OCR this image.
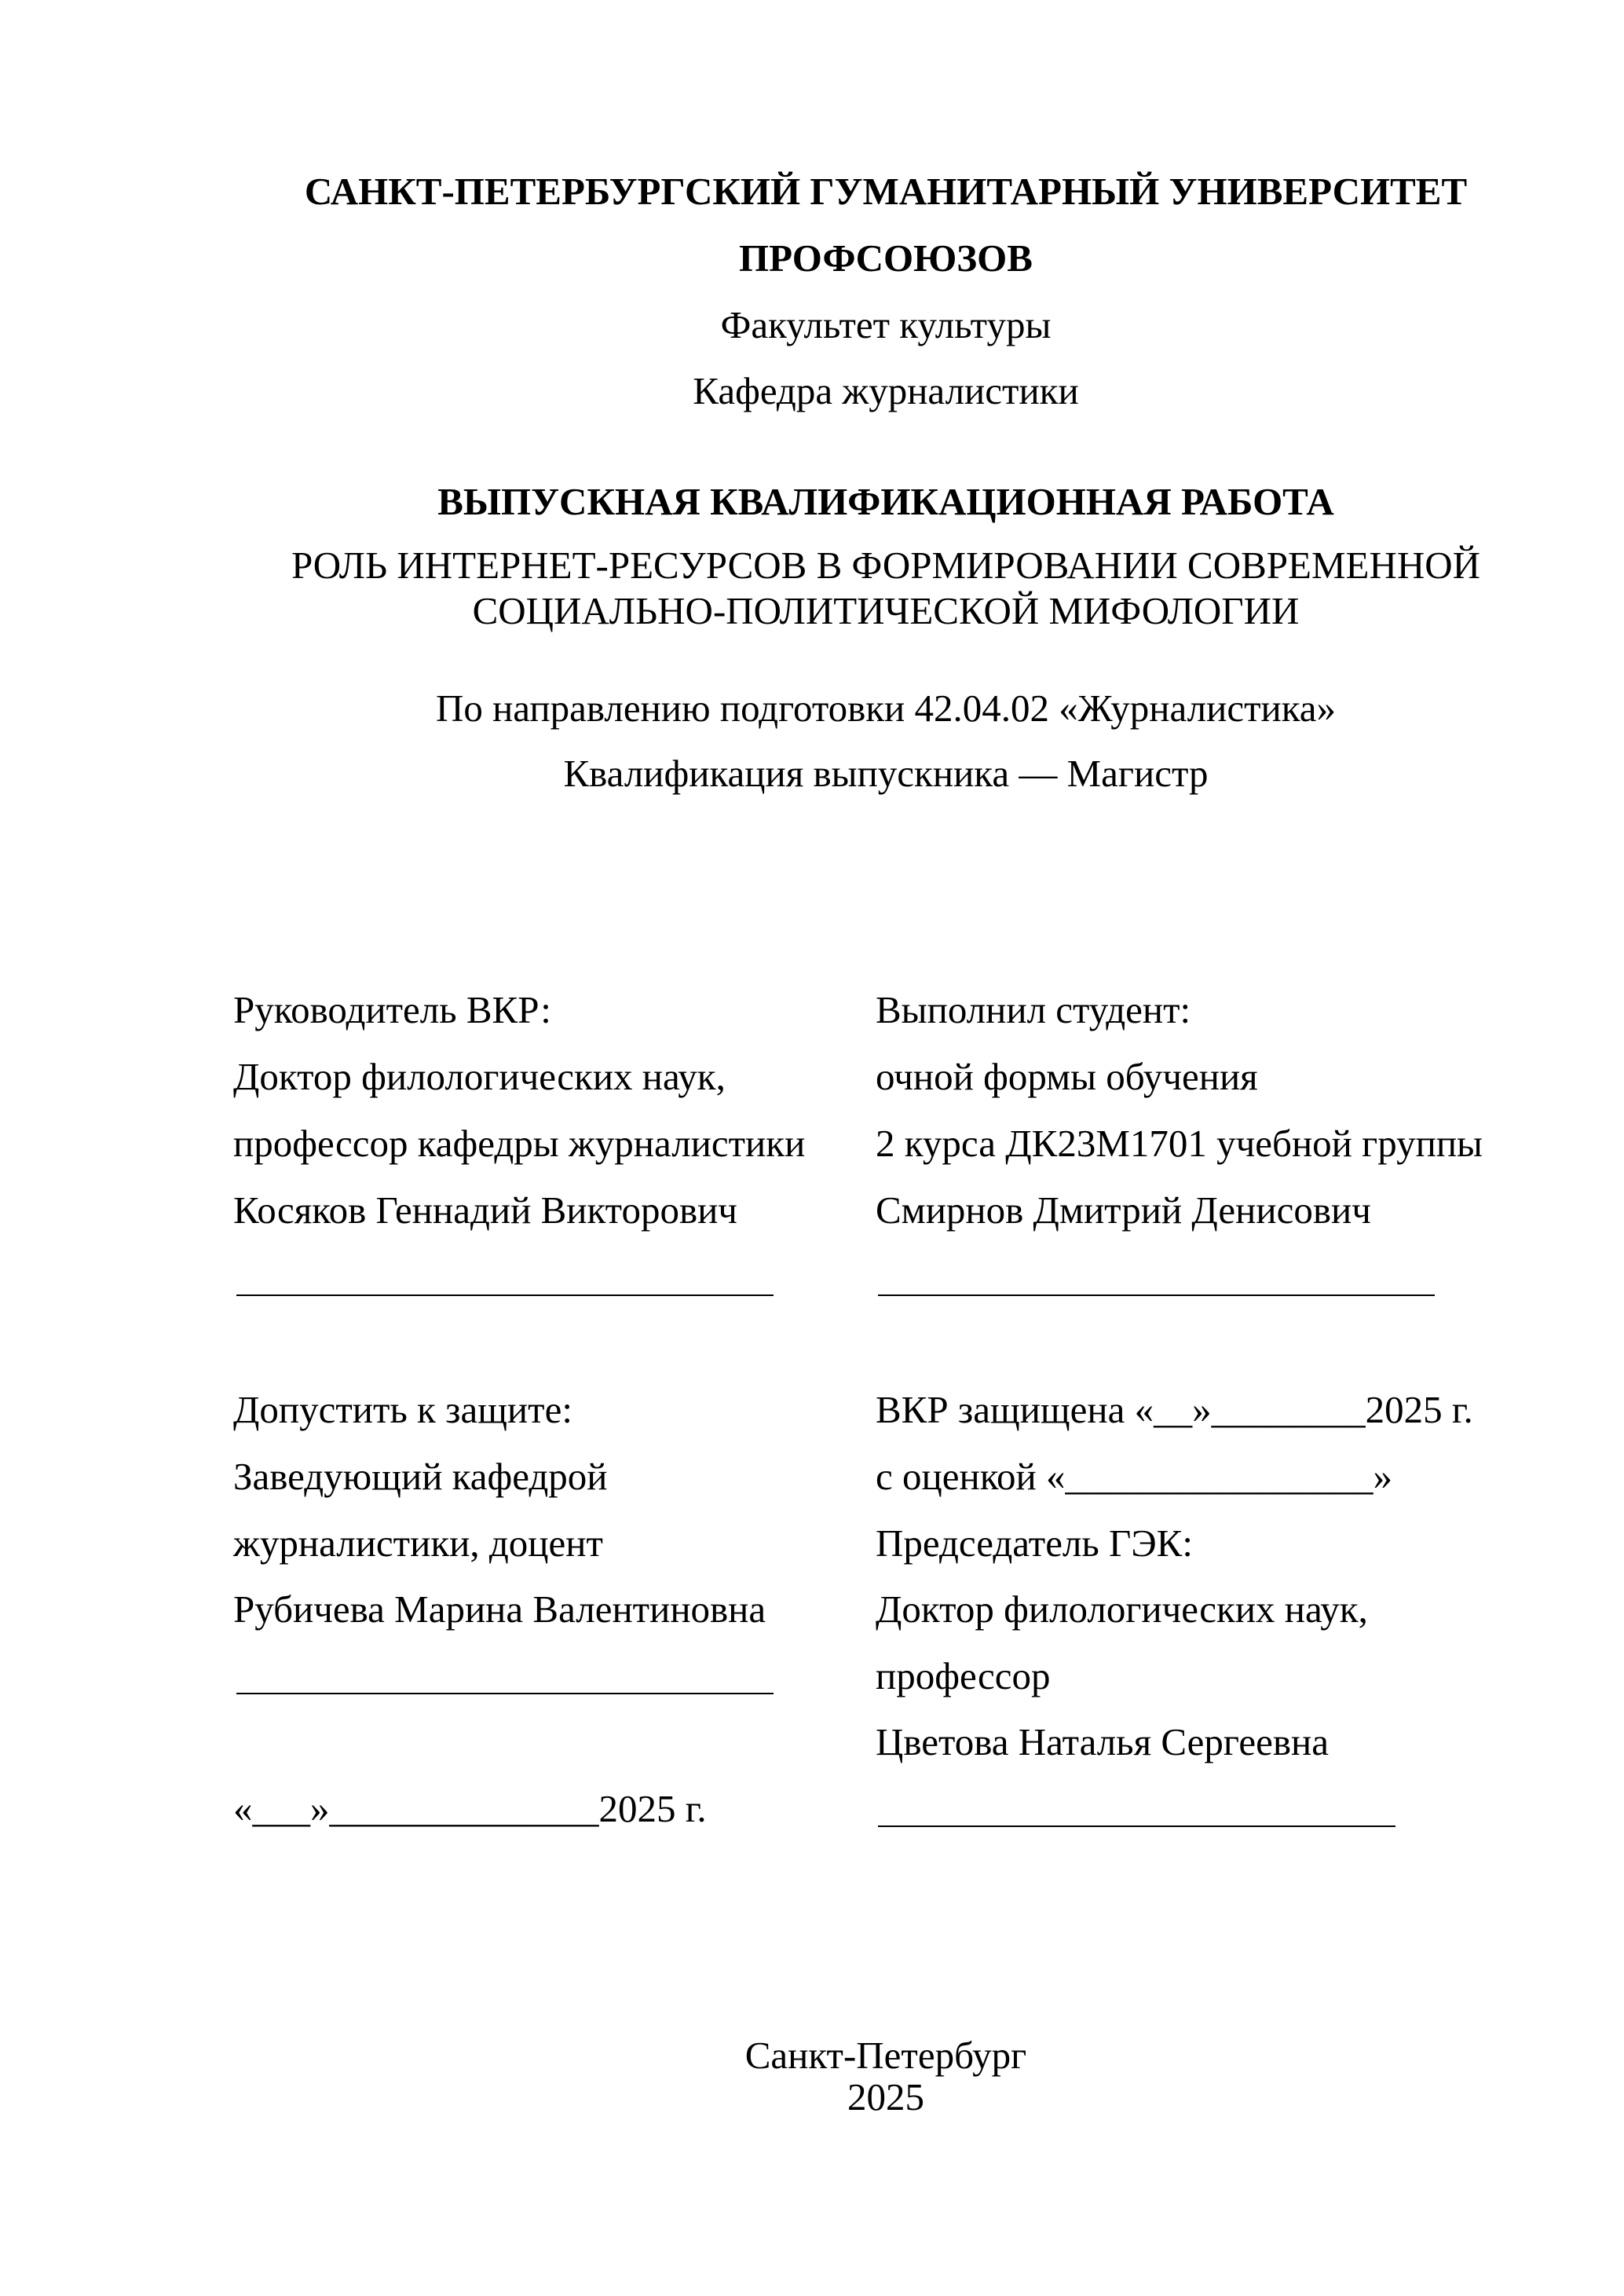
САНКТ-ПЕТЕРБУРГСКИЙ ГУМАНИТАРНЫЙ УНИВЕРСИТЕТ
ПРОФСОЮЗОВ
Факультет культуры
Кафедра журналистики
ВЫПУСКНАЯ КВАЛИФИКАЦИОННАЯ РАБОТА
РОЛЬ ИНТЕРНЕТ-РЕСУРСОВ В ФОРМИРОВАНИИ СОВРЕМЕННОЙ
СОЦИАЛЬНО-ПОЛИТИЧЕСКОЙ МИФОЛОГИИ
По направлению подготовки 42.04.02 «Журналистика»
Квалификация выпускника — Магистр
Руководитель ВКР:
Доктор филологических наук,
профессор кафедры журналистики
Косяков Геннадий Викторович
Выполнил студент:
очной формы обучения
2 курса ДК23М1701 учебной группы
Смирнов Дмитрий Денисович
Допустить к защите:
Заведующий кафедрой
журналистики, доцент
Рубичева Марина Валентиновна
«___»______________2025 г.
ВКР защищена «__»________2025 г.
с оценкой «________________»
Председатель ГЭК:
Доктор филологических наук,
профессор
Цветова Наталья Сергеевна
Санкт-Петербург
2025
